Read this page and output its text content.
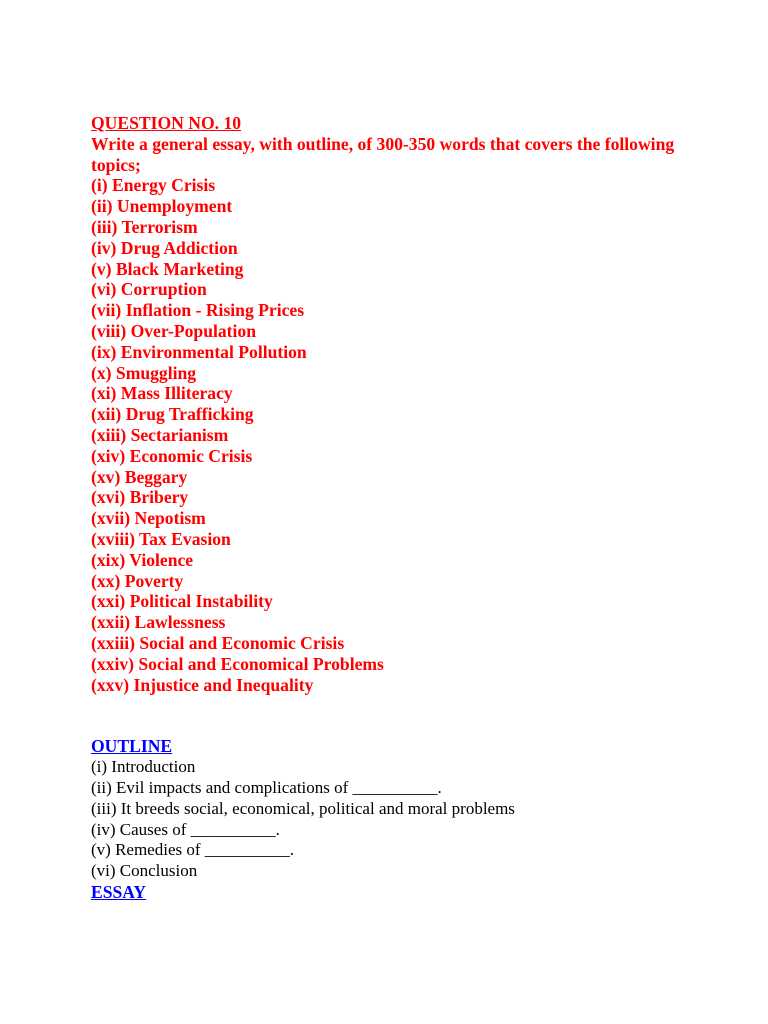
QUESTION NO. 10
Write a general essay, with outline, of 300-350 words that covers the following topics;
(i) Energy Crisis
(ii) Unemployment
(iii) Terrorism
(iv) Drug Addiction
(v) Black Marketing
(vi) Corruption
(vii) Inflation - Rising Prices
(viii) Over-Population
(ix) Environmental Pollution
(x) Smuggling
(xi) Mass Illiteracy
(xii) Drug Trafficking
(xiii) Sectarianism
(xiv) Economic Crisis
(xv) Beggary
(xvi) Bribery
(xvii) Nepotism
(xviii) Tax Evasion
(xix) Violence
(xx) Poverty
(xxi) Political Instability
(xxii) Lawlessness
(xxiii) Social and Economic Crisis
(xxiv) Social and Economical Problems
(xxv) Injustice and Inequality
OUTLINE
(i) Introduction
(ii) Evil impacts and complications of __________.
(iii) It breeds social, economical, political and moral problems
(iv) Causes of __________.
(v) Remedies of __________.
(vi) Conclusion
ESSAY
